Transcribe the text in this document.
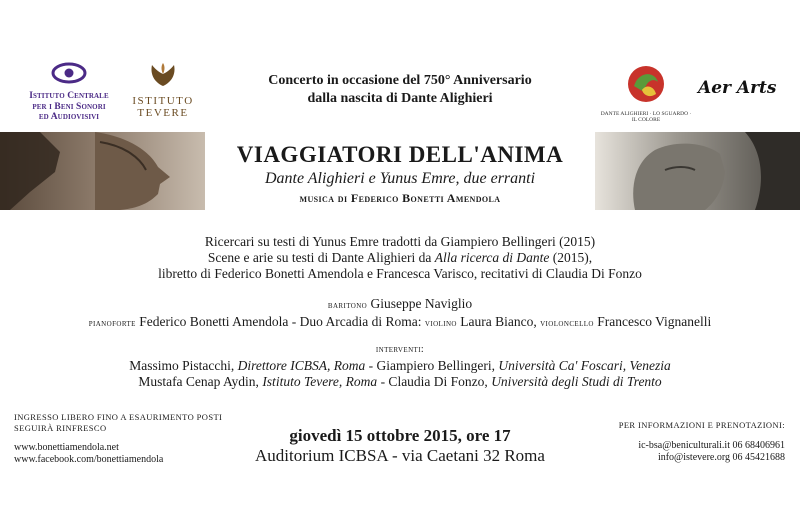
Istituto Centrale
per i Beni Sonori
ed Audiovisivi
ISTITUTO
TEVERE
Concerto in occasione del 750° Anniversario
dalla nascita di Dante Alighieri
DANTE ALIGHIERI · LO SGUARDO · IL COLORE
Aer Arts
VIAGGIATORI DELL'ANIMA
Dante Alighieri e Yunus Emre, due erranti
musica di Federico Bonetti Amendola
Ricercari su testi di Yunus Emre tradotti da Giampiero Bellingeri (2015)
Scene e arie su testi di Dante Alighieri da Alla ricerca di Dante (2015),
libretto di Federico Bonetti Amendola e Francesca Varisco, recitativi di Claudia Di Fonzo
baritono Giuseppe Naviglio
pianoforte Federico Bonetti Amendola - Duo Arcadia di Roma: violino Laura Bianco, violoncello Francesco Vignanelli
interventi:
Massimo Pistacchi, Direttore ICBSA, Roma - Giampiero Bellingeri, Università Ca' Foscari, Venezia
Mustafa Cenap Aydin, Istituto Tevere, Roma - Claudia Di Fonzo, Università degli Studi di Trento
INGRESSO LIBERO FINO A ESAURIMENTO POSTI
SEGUIRÀ RINFRESCO
www.bonettiamendola.net
www.facebook.com/bonettiamendola
giovedì 15 ottobre 2015, ore 17
Auditorium ICBSA - via Caetani 32 Roma
PER INFORMAZIONI E PRENOTAZIONI:
ic-bsa@beniculturali.it 06 68406961
info@istevere.org 06 45421688
